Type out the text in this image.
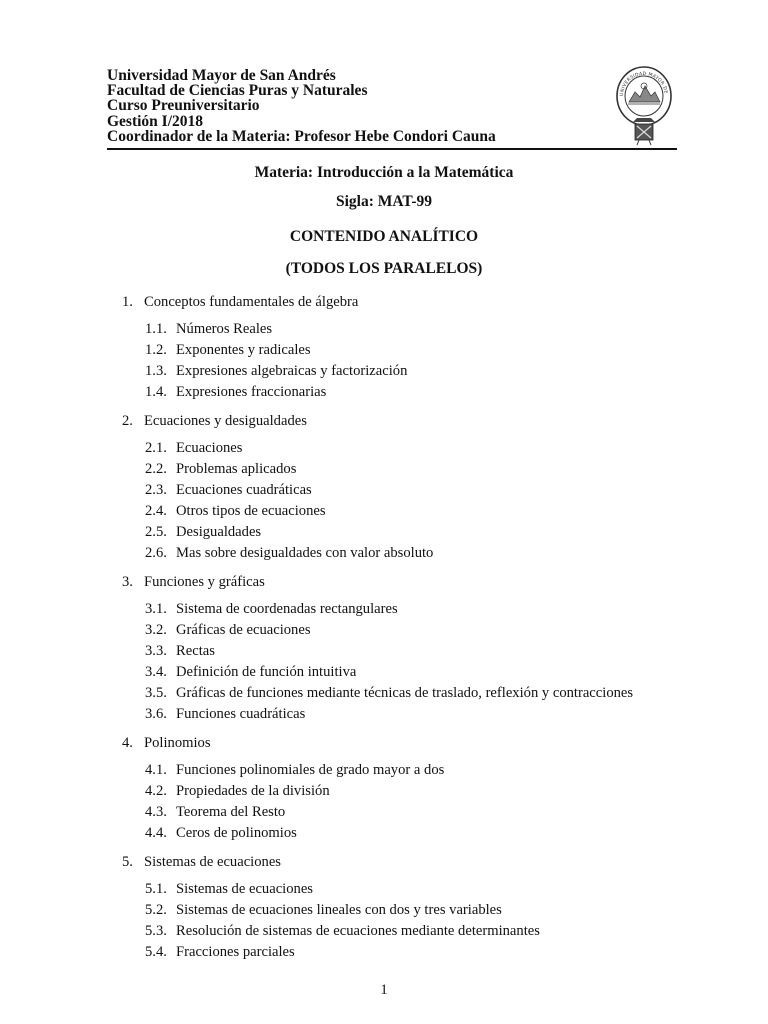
Universidad Mayor de San Andrés
Facultad de Ciencias Puras y Naturales
Curso Preuniversitario
Gestión I/2018
Coordinador de la Materia: Profesor Hebe Condori Cauna
UNIVERSIDAD MAYOR DE
Materia: Introducción a la Matemática
Sigla: MAT-99
CONTENIDO ANALÍTICO
(TODOS LOS PARALELOS)
1. Conceptos fundamentales de álgebra
1.1. Números Reales
1.2. Exponentes y radicales
1.3. Expresiones algebraicas y factorización
1.4. Expresiones fraccionarias
2. Ecuaciones y desigualdades
2.1. Ecuaciones
2.2. Problemas aplicados
2.3. Ecuaciones cuadráticas
2.4. Otros tipos de ecuaciones
2.5. Desigualdades
2.6. Mas sobre desigualdades con valor absoluto
3. Funciones y gráficas
3.1. Sistema de coordenadas rectangulares
3.2. Gráficas de ecuaciones
3.3. Rectas
3.4. Definición de función intuitiva
3.5. Gráficas de funciones mediante técnicas de traslado, reflexión y contracciones
3.6. Funciones cuadráticas
4. Polinomios
4.1. Funciones polinomiales de grado mayor a dos
4.2. Propiedades de la división
4.3. Teorema del Resto
4.4. Ceros de polinomios
5. Sistemas de ecuaciones
5.1. Sistemas de ecuaciones
5.2. Sistemas de ecuaciones lineales con dos y tres variables
5.3. Resolución de sistemas de ecuaciones mediante determinantes
5.4. Fracciones parciales
1
